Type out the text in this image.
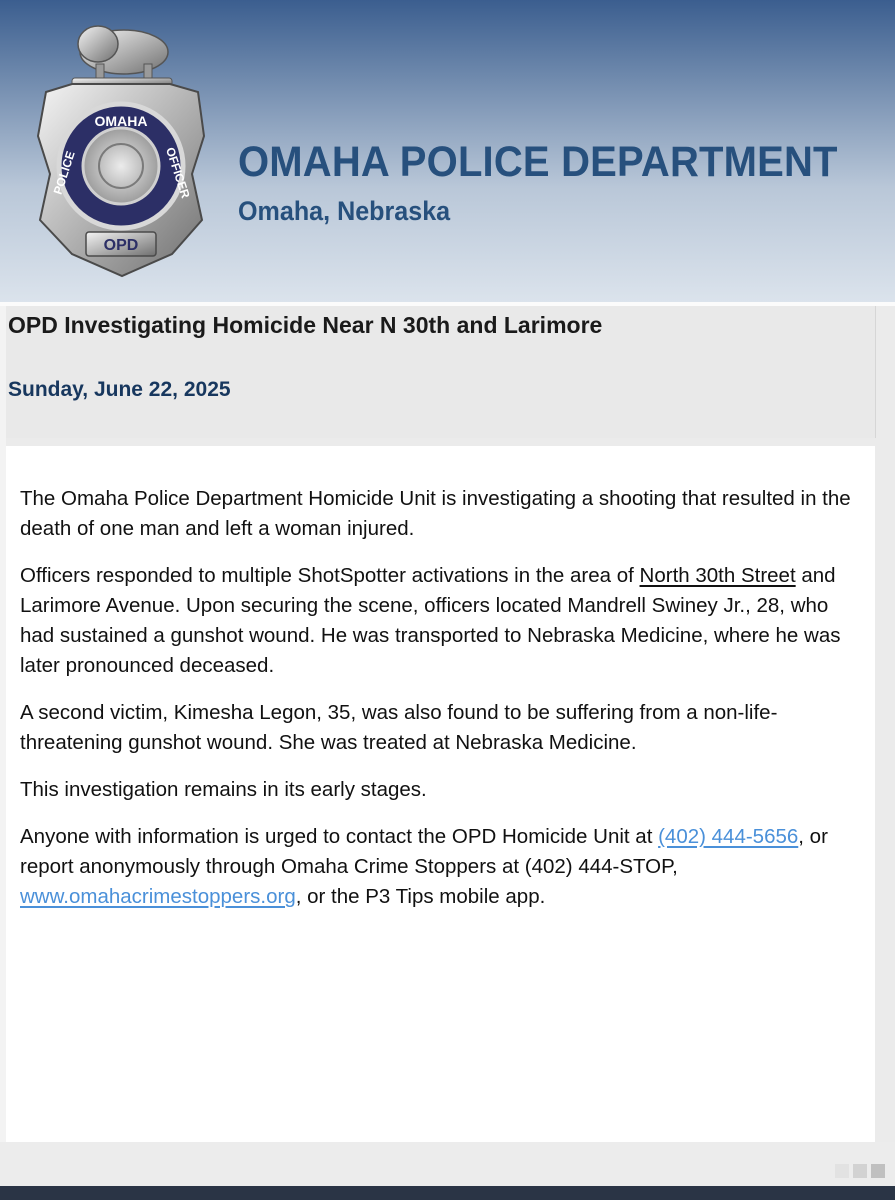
OMAHA
POLICE	OFFICER
OPD
OMAHA POLICE DEPARTMENT
Omaha, Nebraska
OPD Investigating Homicide Near N 30th and Larimore
Sunday, June 22, 2025

The Omaha Police Department Homicide Unit is investigating a shooting that resulted in the death of one man and left a woman injured.

Officers responded to multiple ShotSpotter activations in the area of North 30th Street and Larimore Avenue. Upon securing the scene, officers located Mandrell Swiney Jr., 28, who had sustained a gunshot wound. He was transported to Nebraska Medicine, where he was later pronounced deceased.

A second victim, Kimesha Legon, 35, was also found to be suffering from a non-life-threatening gunshot wound. She was treated at Nebraska Medicine.

This investigation remains in its early stages.

Anyone with information is urged to contact the OPD Homicide Unit at (402) 444-5656, or report anonymously through Omaha Crime Stoppers at (402) 444-STOP, www.omahacrimestoppers.org, or the P3 Tips mobile app.
